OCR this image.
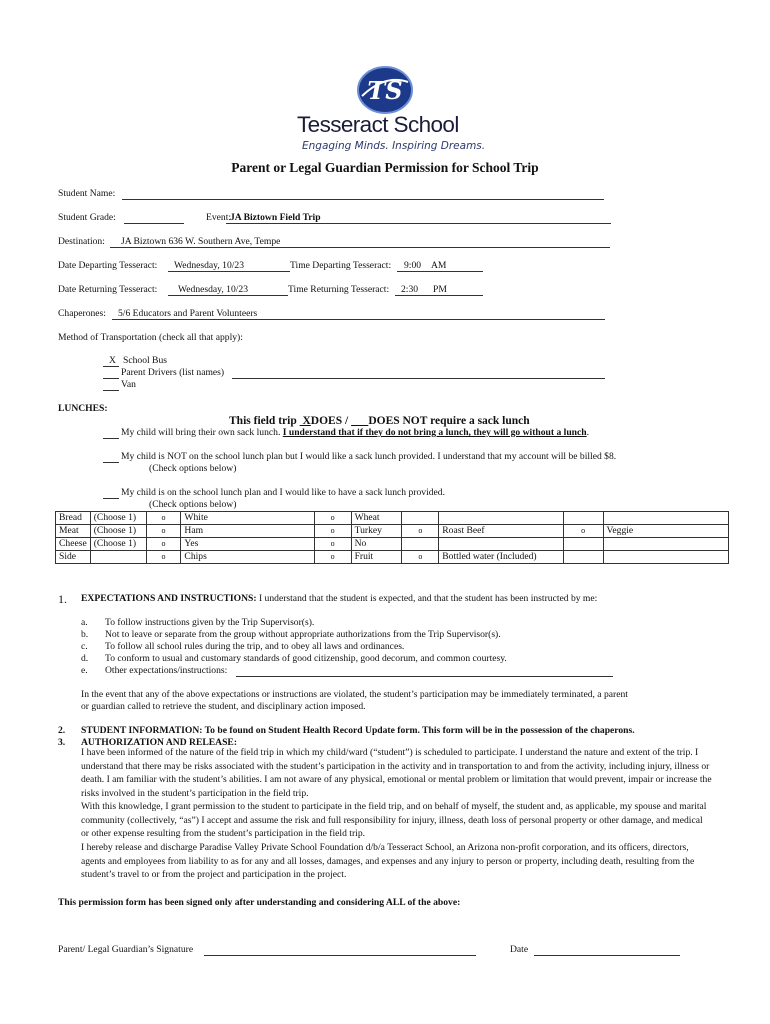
TS
Tesseract School
Engaging Minds. Inspiring Dreams.
Parent or Legal Guardian Permission for School Trip
Student Name:
Student Grade:	Event:
JA Biztown Field Trip
Destination: JA Biztown 636 W. Southern Ave, Tempe
Date Departing Tesseract: Wednesday, 10/23	Time Departing Tesseract: 9:00 AM
Date Returning Tesseract: Wednesday, 10/23	Time Returning Tesseract: 2:30 PM
Chaperones: 5/6 Educators and Parent Volunteers
Method of Transportation (check all that apply):
X School Bus
Parent Drivers (list names)
Van
LUNCHES:
This field trip XDOES / DOES NOT require a sack lunch
My child will bring their own sack lunch. I understand that if they do not bring a lunch, they will go without a lunch.
My child is NOT on the school lunch plan but I would like a sack lunch provided. I understand that my account will be billed $8.
(Check options below)
My child is on the school lunch plan and I would like to have a sack lunch provided.
(Check options below)
Bread	(Choose 1)	o	White	o	Wheat				
Meat	(Choose 1)	o	Ham	o	Turkey	o	Roast Beef	o	Veggie
Cheese	(Choose 1)	o	Yes	o	No				
Side		o	Chips	o	Fruit	o	Bottled water (Included)		
1. EXPECTATIONS AND INSTRUCTIONS: I understand that the student is expected, and that the student has been instructed by me:
a. To follow instructions given by the Trip Supervisor(s).
b. Not to leave or separate from the group without appropriate authorizations from the Trip Supervisor(s).
c. To follow all school rules during the trip, and to obey all laws and ordinances.
d. To conform to usual and customary standards of good citizenship, good decorum, and common courtesy.
e. Other expectations/instructions:
In the event that any of the above expectations or instructions are violated, the student’s participation may be immediately terminated, a parent
or guardian called to retrieve the student, and disciplinary action imposed.
2. STUDENT INFORMATION: To be found on Student Health Record Update form. This form will be in the possession of the chaperons.
3. AUTHORIZATION AND RELEASE:
I have been informed of the nature of the field trip in which my child/ward (“student”) is scheduled to participate. I understand the nature and extent of the trip. I understand that there may be risks associated with the student’s participation in the activity and in transportation to and from the activity, including injury, illness or death. I am familiar with the student’s abilities. I am not aware of any physical, emotional or mental problem or limitation that would prevent, impair or increase the risks involved in the student’s participation in the field trip.
With this knowledge, I grant permission to the student to participate in the field trip, and on behalf of myself, the student and, as applicable, my spouse and marital community (collectively, “as”) I accept and assume the risk and full responsibility for injury, illness, death loss of personal property or other damage, and medical or other expense resulting from the student’s participation in the field trip.
I hereby release and discharge Paradise Valley Private School Foundation d/b/a Tesseract School, an Arizona non-profit corporation, and its officers, directors, agents and employees from liability to as for any and all losses, damages, and expenses and any injury to person or property, including death, resulting from the student’s travel to or from the project and participation in the project.
This permission form has been signed only after understanding and considering ALL of the above:
Parent/ Legal Guardian’s Signature	Date
